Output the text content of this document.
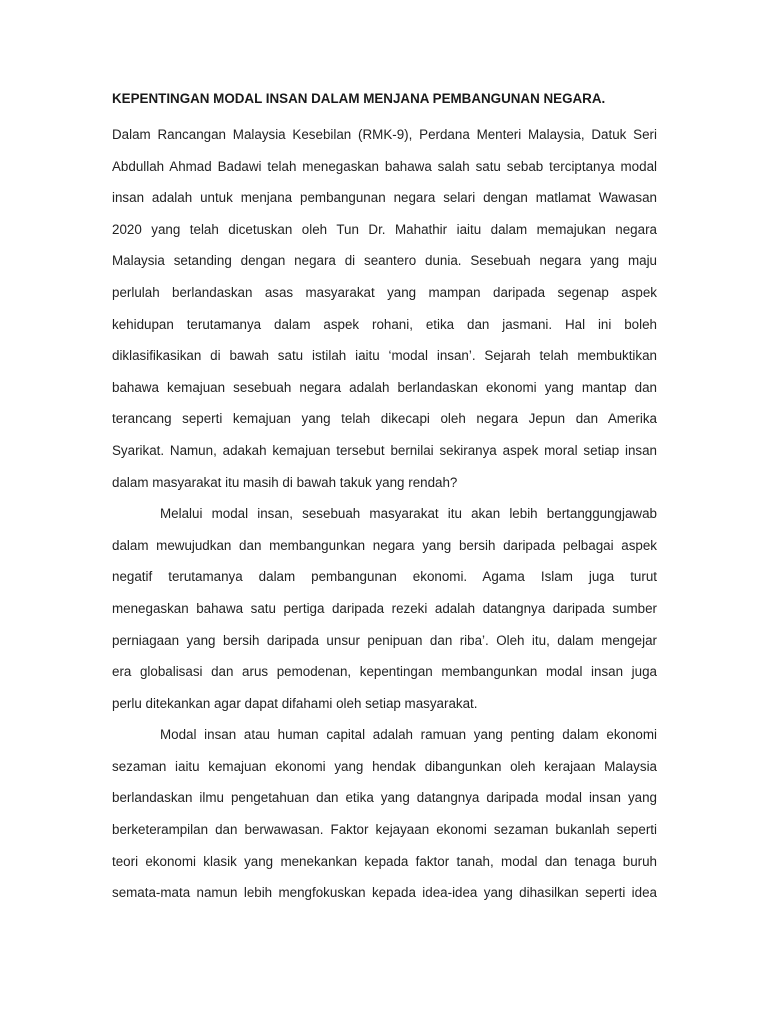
KEPENTINGAN MODAL INSAN DALAM MENJANA PEMBANGUNAN NEGARA.
Dalam Rancangan Malaysia Kesebilan (RMK-9), Perdana Menteri Malaysia, Datuk Seri
Abdullah Ahmad Badawi telah menegaskan bahawa salah satu sebab terciptanya modal
insan adalah untuk menjana pembangunan negara selari dengan matlamat Wawasan
2020 yang telah dicetuskan oleh Tun Dr. Mahathir iaitu dalam memajukan negara
Malaysia setanding dengan negara di seantero dunia. Sesebuah negara yang maju
perlulah berlandaskan asas masyarakat yang mampan daripada segenap aspek
kehidupan terutamanya dalam aspek rohani, etika dan jasmani. Hal ini boleh
diklasifikasikan di bawah satu istilah iaitu ‘modal insan’. Sejarah telah membuktikan
bahawa kemajuan sesebuah negara adalah berlandaskan ekonomi yang mantap dan
terancang seperti kemajuan yang telah dikecapi oleh negara Jepun dan Amerika
Syarikat. Namun, adakah kemajuan tersebut bernilai sekiranya aspek moral setiap insan
dalam masyarakat itu masih di bawah takuk yang rendah?
Melalui modal insan, sesebuah masyarakat itu akan lebih bertanggungjawab
dalam mewujudkan dan membangunkan negara yang bersih daripada pelbagai aspek
negatif terutamanya dalam pembangunan ekonomi. Agama Islam juga turut
menegaskan bahawa satu pertiga daripada rezeki adalah datangnya daripada sumber
perniagaan yang bersih daripada unsur penipuan dan riba’. Oleh itu, dalam mengejar
era globalisasi dan arus pemodenan, kepentingan membangunkan modal insan juga
perlu ditekankan agar dapat difahami oleh setiap masyarakat.
Modal insan atau human capital adalah ramuan yang penting dalam ekonomi
sezaman iaitu kemajuan ekonomi yang hendak dibangunkan oleh kerajaan Malaysia
berlandaskan ilmu pengetahuan dan etika yang datangnya daripada modal insan yang
berketerampilan dan berwawasan. Faktor kejayaan ekonomi sezaman bukanlah seperti
teori ekonomi klasik yang menekankan kepada faktor tanah, modal dan tenaga buruh
semata-mata namun lebih mengfokuskan kepada idea-idea yang dihasilkan seperti idea
